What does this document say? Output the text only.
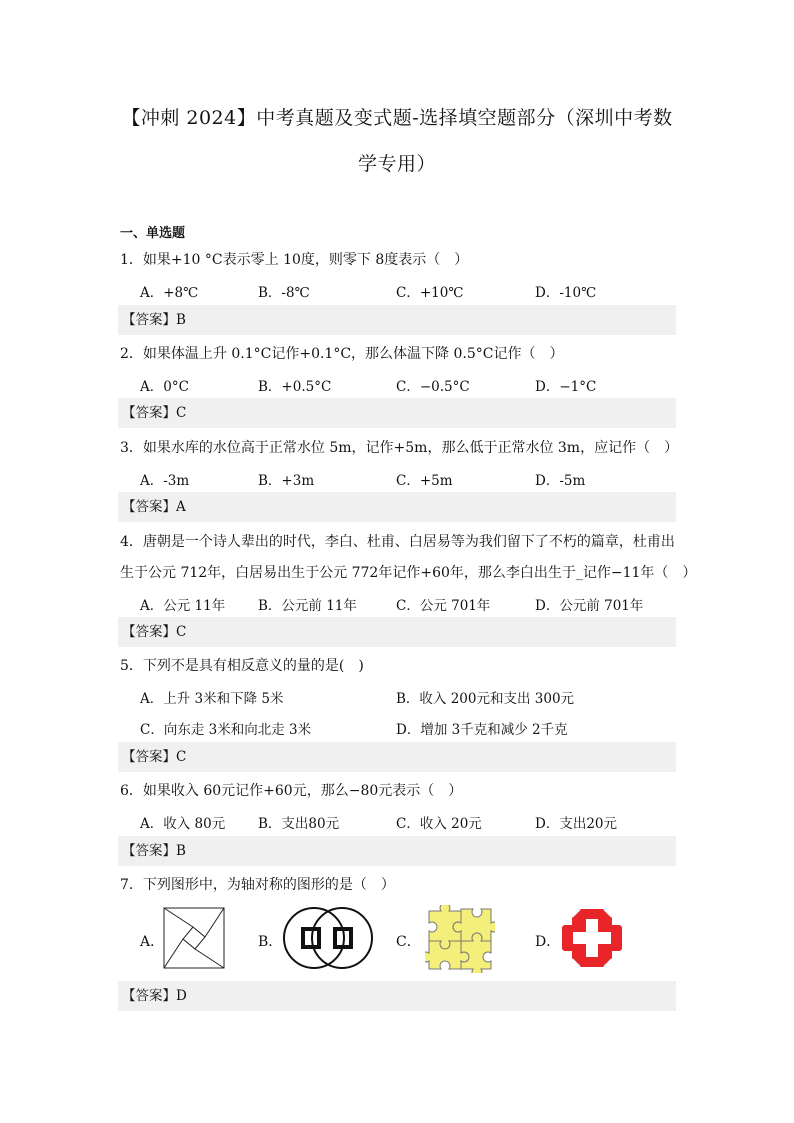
【冲刺 2024】中考真题及变式题-选择填空题部分（深圳中考数
学专用）
一、单选题
1．如果+10 °C表示零上 10度，则零下 8度表示（　）
A．+8℃	B．-8℃	C．+10℃	D．-10℃
【答案】B
2．如果体温上升 0.1°C记作+0.1°C，那么体温下降 0.5°C记作（　）
A．0°C	B．+0.5°C	C．−0.5°C	D．−1°C
【答案】C
3．如果水库的水位高于正常水位 5m，记作+5m，那么低于正常水位 3m，应记作（　）
A．-3m	B．+3m	C．+5m	D．-5m
【答案】A
4．唐朝是一个诗人辈出的时代，李白、杜甫、白居易等为我们留下了不朽的篇章，杜甫出
生于公元 712年，白居易出生于公元 772年记作+60年，那么李白出生于_记作−11年（　）
A．公元 11年 B．公元前 11年	C．公元 701年	D．公元前 701年
【答案】C
5．下列不是具有相反意义的量的是(　)
A．上升 3米和下降 5米	B．收入 200元和支出 300元
C．向东走 3米和向北走 3米	D．增加 3千克和减少 2千克
【答案】C
6．如果收入 60元记作+60元，那么−80元表示（　）
A．收入 80元 B．支出80元	C．收入 20元	D．支出20元
【答案】B
7．下列图形中，为轴对称的图形的是（　）
A．	B．	C．	D．
【答案】D
